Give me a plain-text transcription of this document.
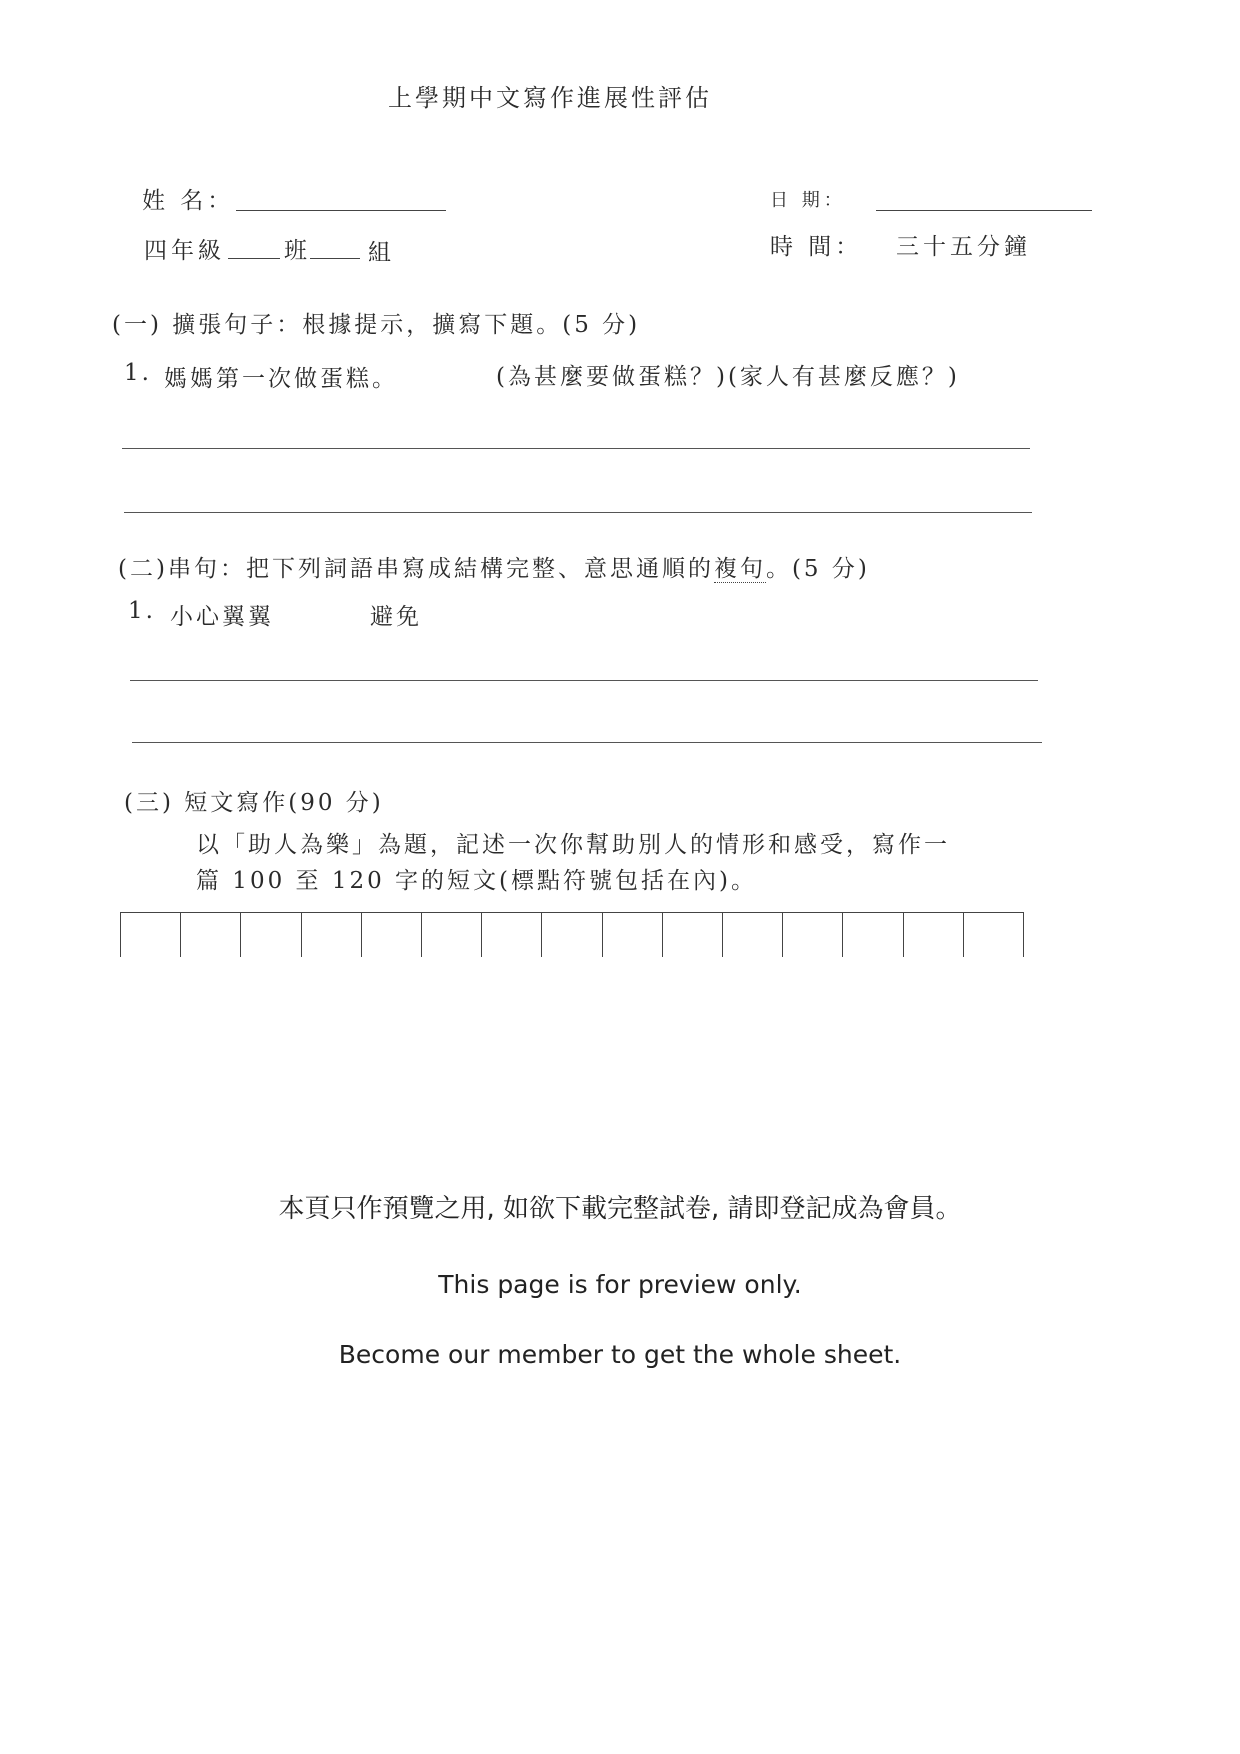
上學期中文寫作進展性評估
姓 名：	日 期：
四年級	班 組	時 間： 三十五分鐘
(一) 擴張句子：根據提示，擴寫下題。(5 分)
1. 媽媽第一次做蛋糕。	(為甚麼要做蛋糕？)(家人有甚麼反應？)
(二)串句：把下列詞語串寫成結構完整、意思通順的複句。(5 分)
1. 小心翼翼	避免
(三) 短文寫作(90 分)
以「助人為樂」為題，記述一次你幫助別人的情形和感受，寫作一
篇 100 至 120 字的短文(標點符號包括在內)。
本頁只作預覽之用, 如欲下載完整試卷, 請即登記成為會員。
This page is for preview only.
Become our member to get the whole sheet.
